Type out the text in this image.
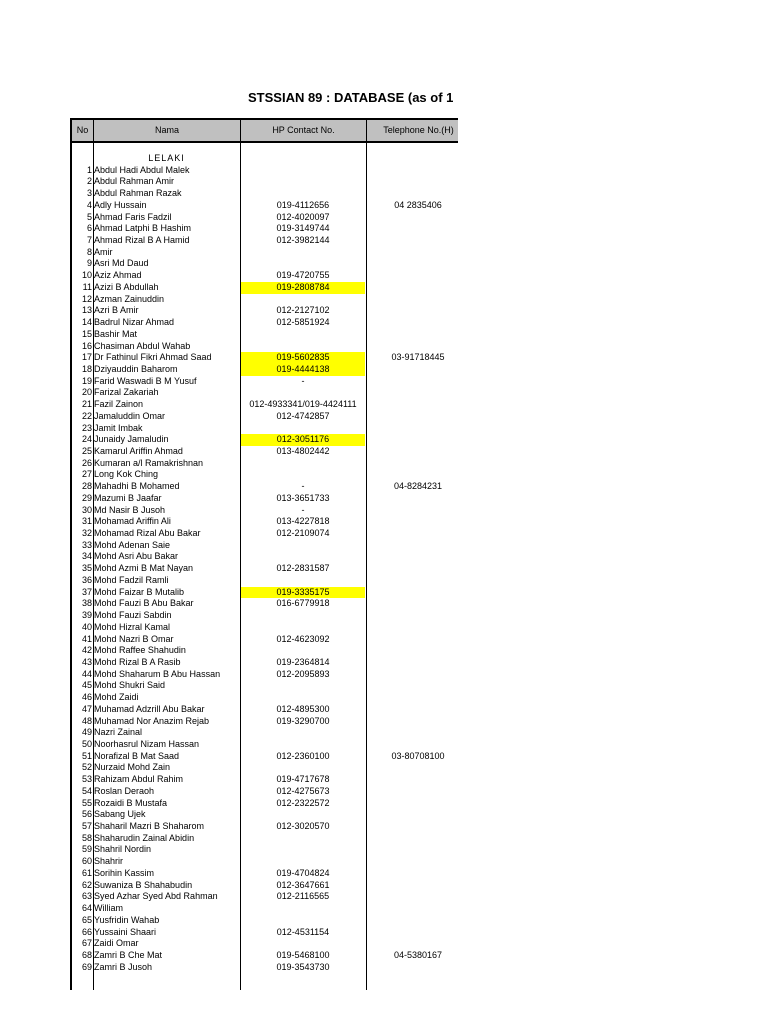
STSSIAN 89 : DATABASE (as of 1
No	Nama	HP Contact No.	Telephone No.(H)
LELAKI
1 Abdul Hadi Abdul Malek
2 Abdul Rahman Amir
3 Abdul Rahman Razak
4 Adly Hussain	019-4112656	04 2835406
5 Ahmad Faris Fadzil	012-4020097
6 Ahmad Latphi B Hashim	019-3149744
7 Ahmad Rizal B A Hamid	012-3982144
8 Amir
9 Asri Md Daud
10 Aziz Ahmad	019-4720755
11 Azizi B Abdullah	019-2808784
12 Azman Zainuddin
13 Azri B Amir	012-2127102
14 Badrul Nizar Ahmad	012-5851924
15 Bashir Mat
16 Chasiman Abdul Wahab
17 Dr Fathinul Fikri Ahmad Saad	019-5602835	03-91718445
18 Dziyauddin Baharom	019-4444138
19 Farid Waswadi B M Yusuf	-
20 Farizal Zakariah
21 Fazil Zainon	012-4933341/019-4424111
22 Jamaluddin Omar	012-4742857
23 Jamit Imbak
24 Junaidy Jamaludin	012-3051176
25 Kamarul Ariffin Ahmad	013-4802442
26 Kumaran a/l Ramakrishnan
27 Long Kok Ching
28 Mahadhi B Mohamed	-	04-8284231
29 Mazumi B Jaafar	013-3651733
30 Md Nasir B Jusoh	-
31 Mohamad Ariffin Ali	013-4227818
32 Mohamad Rizal Abu Bakar	012-2109074
33 Mohd Adenan Saie
34 Mohd Asri Abu Bakar
35 Mohd Azmi B Mat Nayan	012-2831587
36 Mohd Fadzil Ramli
37 Mohd Faizar B Mutalib	019-3335175
38 Mohd Fauzi B Abu Bakar	016-6779918
39 Mohd Fauzi Sabdin
40 Mohd Hizral Kamal
41 Mohd Nazri B Omar	012-4623092
42 Mohd Raffee Shahudin
43 Mohd Rizal B A Rasib	019-2364814
44 Mohd Shaharum B Abu Hassan	012-2095893
45 Mohd Shukri Said
46 Mohd Zaidi
47 Muhamad Adzrill Abu Bakar	012-4895300
48 Muhamad Nor Anazim Rejab	019-3290700
49 Nazri Zainal
50 Noorhasrul Nizam Hassan
51 Norafizal B Mat Saad	012-2360100	03-80708100
52 Nurzaid Mohd Zain
53 Rahizam Abdul Rahim	019-4717678
54 Roslan Deraoh	012-4275673
55 Rozaidi B Mustafa	012-2322572
56 Sabang Ujek
57 Shaharil Mazri B Shaharom	012-3020570
58 Shaharudin Zainal Abidin
59 Shahril Nordin
60 Shahrir
61 Sorihin Kassim	019-4704824
62 Suwaniza B Shahabudin	012-3647661
63 Syed Azhar Syed Abd Rahman	012-2116565
64 William
65 Yusfridin Wahab
66 Yussaini Shaari	012-4531154
67 Zaidi Omar
68 Zamri B Che Mat	019-5468100	04-5380167
69 Zamri B Jusoh	019-3543730
